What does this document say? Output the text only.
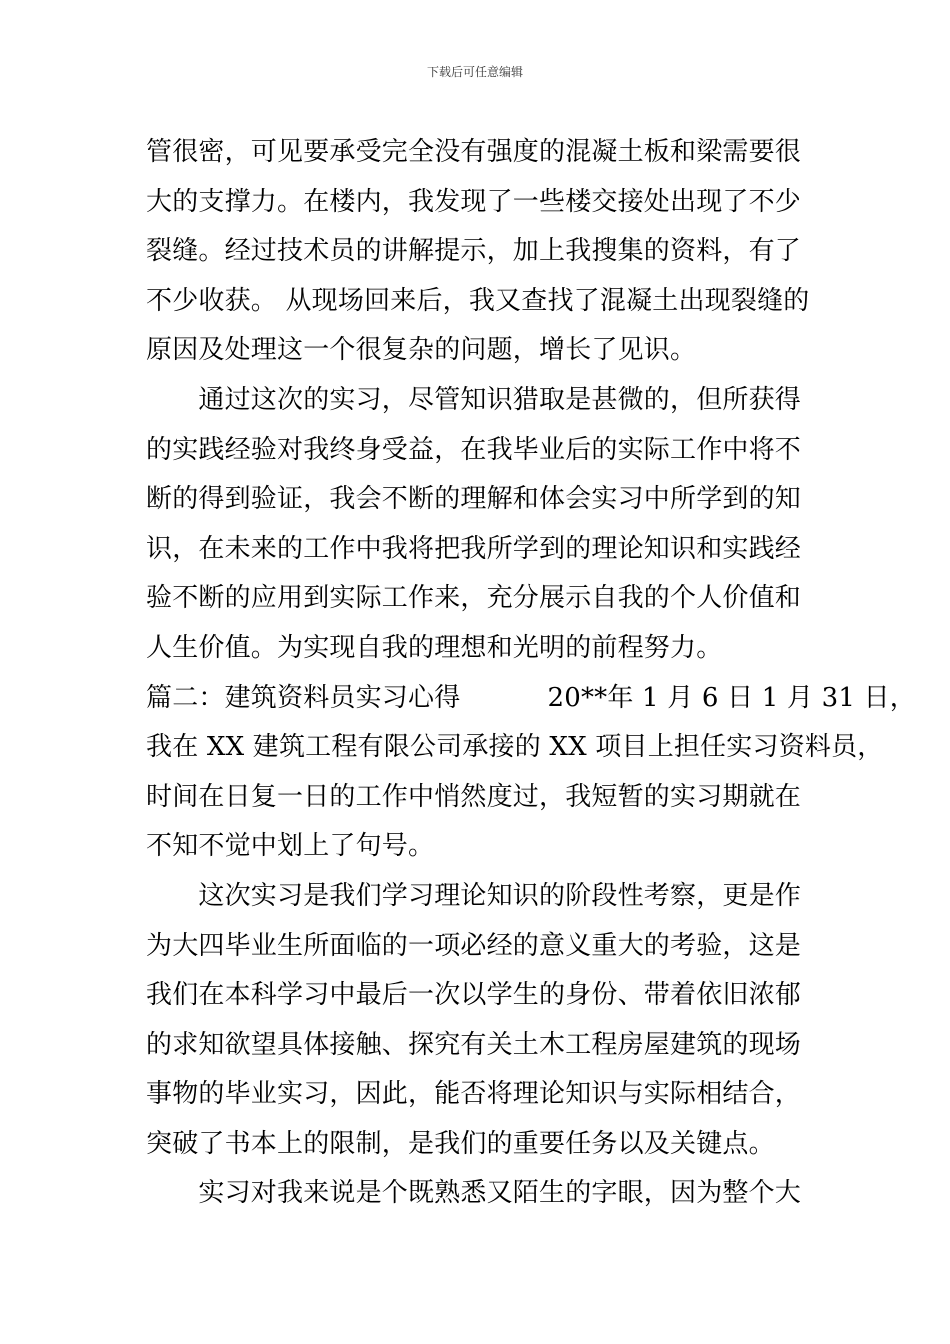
下载后可任意编辑
管很密，可见要承受完全没有强度的混凝土板和梁需要很
大的支撑力。在楼内，我发现了一些楼交接处出现了不少
裂缝。经过技术员的讲解提示，加上我搜集的资料，有了
不少收获。 从现场回来后，我又查找了混凝土出现裂缝的
原因及处理这一个很复杂的问题，增长了见识。
　　通过这次的实习，尽管知识猎取是甚微的，但所获得
的实践经验对我终身受益，在我毕业后的实际工作中将不
断的得到验证，我会不断的理解和体会实习中所学到的知
识，在未来的工作中我将把我所学到的理论知识和实践经
验不断的应用到实际工作来，充分展示自我的个人价值和
人生价值。为实现自我的理想和光明的前程努力。
篇二：建筑资料员实习心得　　　 20**年 1 月 6 日 1 月 31 日，
我在 XX 建筑工程有限公司承接的 XX 项目上担任实习资料员，
时间在日复一日的工作中悄然度过，我短暂的实习期就在
不知不觉中划上了句号。
　　这次实习是我们学习理论知识的阶段性考察，更是作
为大四毕业生所面临的一项必经的意义重大的考验，这是
我们在本科学习中最后一次以学生的身份、带着依旧浓郁
的求知欲望具体接触、探究有关土木工程房屋建筑的现场
事物的毕业实习，因此，能否将理论知识与实际相结合，
突破了书本上的限制，是我们的重要任务以及关键点。
　　实习对我来说是个既熟悉又陌生的字眼，因为整个大
